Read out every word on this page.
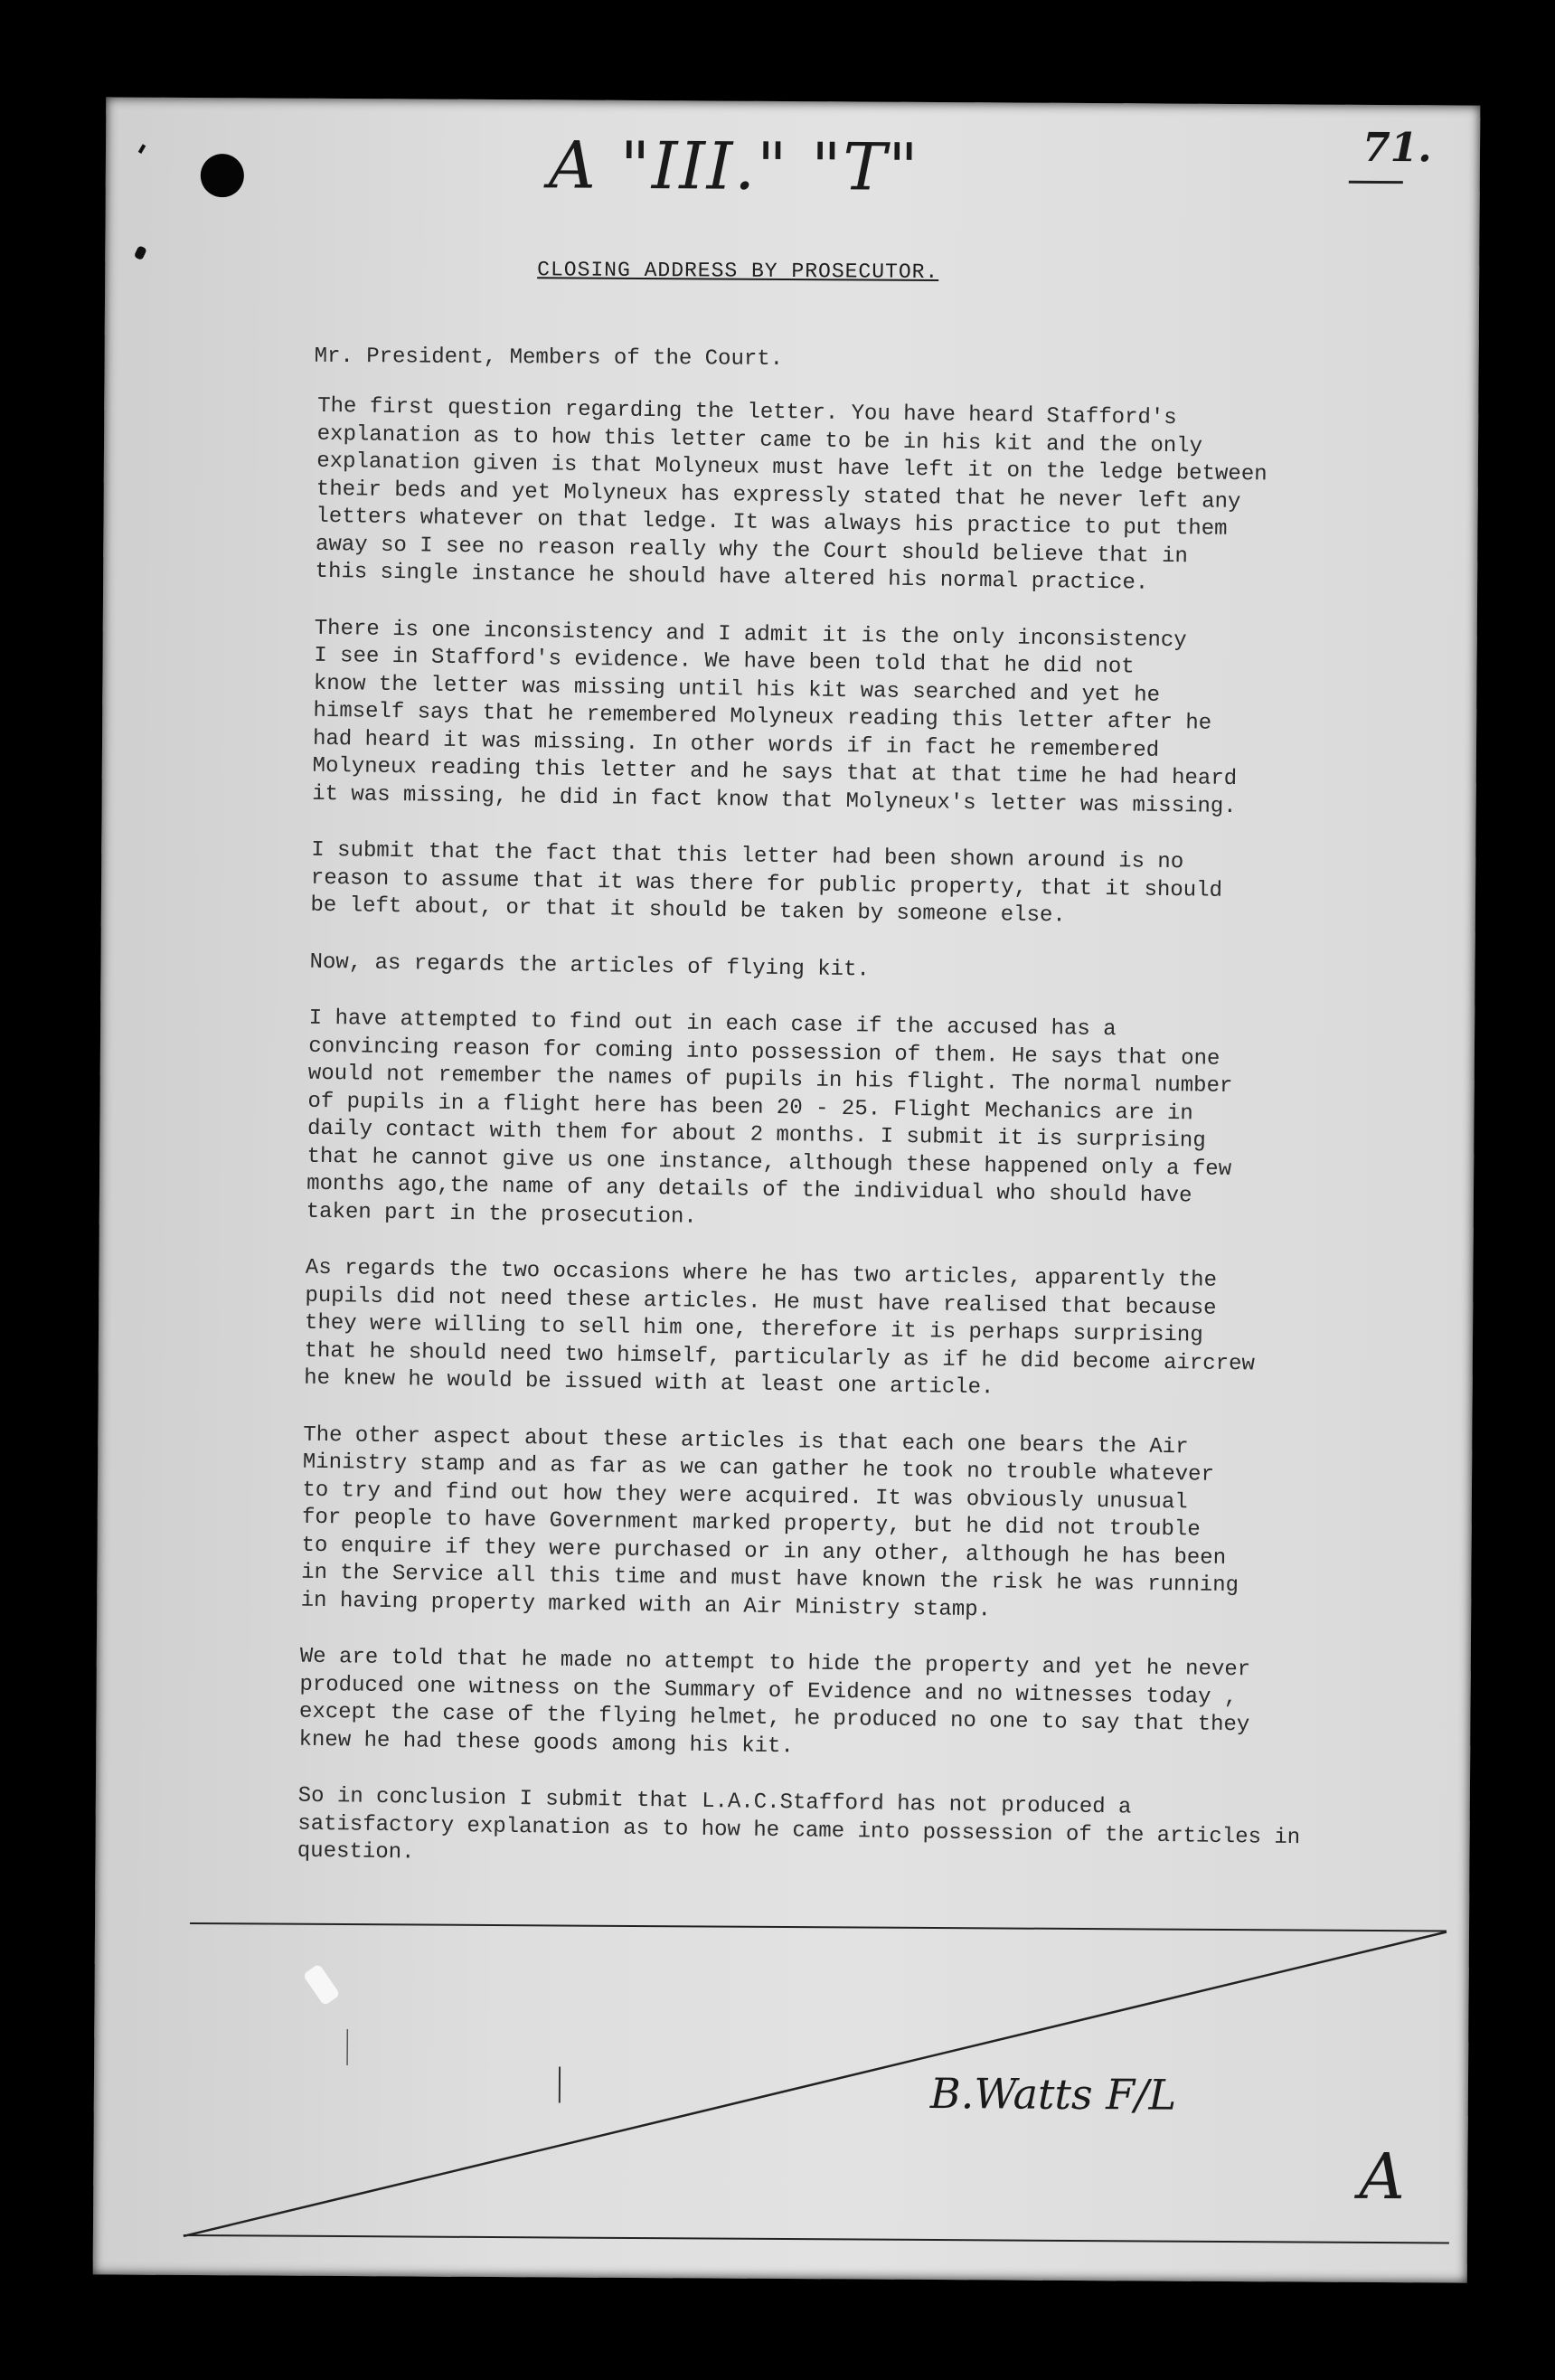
A "III." "T"	71.
CLOSING ADDRESS BY PROSECUTOR.
Mr. President, Members of the Court.

The first question regarding the letter. You have heard Stafford's
explanation as to how this letter came to be in his kit and the only
explanation given is that Molyneux must have left it on the ledge between
their beds and yet Molyneux has expressly stated that he never left any
letters whatever on that ledge. It was always his practice to put them
away so I see no reason really why the Court should believe that in
this single instance he should have altered his normal practice.

There is one inconsistency and I admit it is the only inconsistency
I see in Stafford's evidence. We have been told that he did not
know the letter was missing until his kit was searched and yet he
himself says that he remembered Molyneux reading this letter after he
had heard it was missing. In other words if in fact he remembered
Molyneux reading this letter and he says that at that time he had heard
it was missing, he did in fact know that Molyneux's letter was missing.

I submit that the fact that this letter had been shown around is no
reason to assume that it was there for public property, that it should
be left about, or that it should be taken by someone else.

Now, as regards the articles of flying kit.

I have attempted to find out in each case if the accused has a
convincing reason for coming into possession of them. He says that one
would not remember the names of pupils in his flight. The normal number
of pupils in a flight here has been 20 - 25. Flight Mechanics are in
daily contact with them for about 2 months. I submit it is surprising
that he cannot give us one instance, although these happened only a few
months ago,the name of any details of the individual who should have
taken part in the prosecution.

As regards the two occasions where he has two articles, apparently the
pupils did not need these articles. He must have realised that because
they were willing to sell him one, therefore it is perhaps surprising
that he should need two himself, particularly as if he did become aircrew
he knew he would be issued with at least one article.

The other aspect about these articles is that each one bears the Air
Ministry stamp and as far as we can gather he took no trouble whatever
to try and find out how they were acquired. It was obviously unusual
for people to have Government marked property, but he did not trouble
to enquire if they were purchased or in any other, although he has been
in the Service all this time and must have known the risk he was running
in having property marked with an Air Ministry stamp.

We are told that he made no attempt to hide the property and yet he never
produced one witness on the Summary of Evidence and no witnesses today ,
except the case of the flying helmet, he produced no one to say that they
knew he had these goods among his kit.

So in conclusion I submit that L.A.C.Stafford has not produced a
satisfactory explanation as to how he came into possession of the articles in
question.

B.Watts F/L
A
